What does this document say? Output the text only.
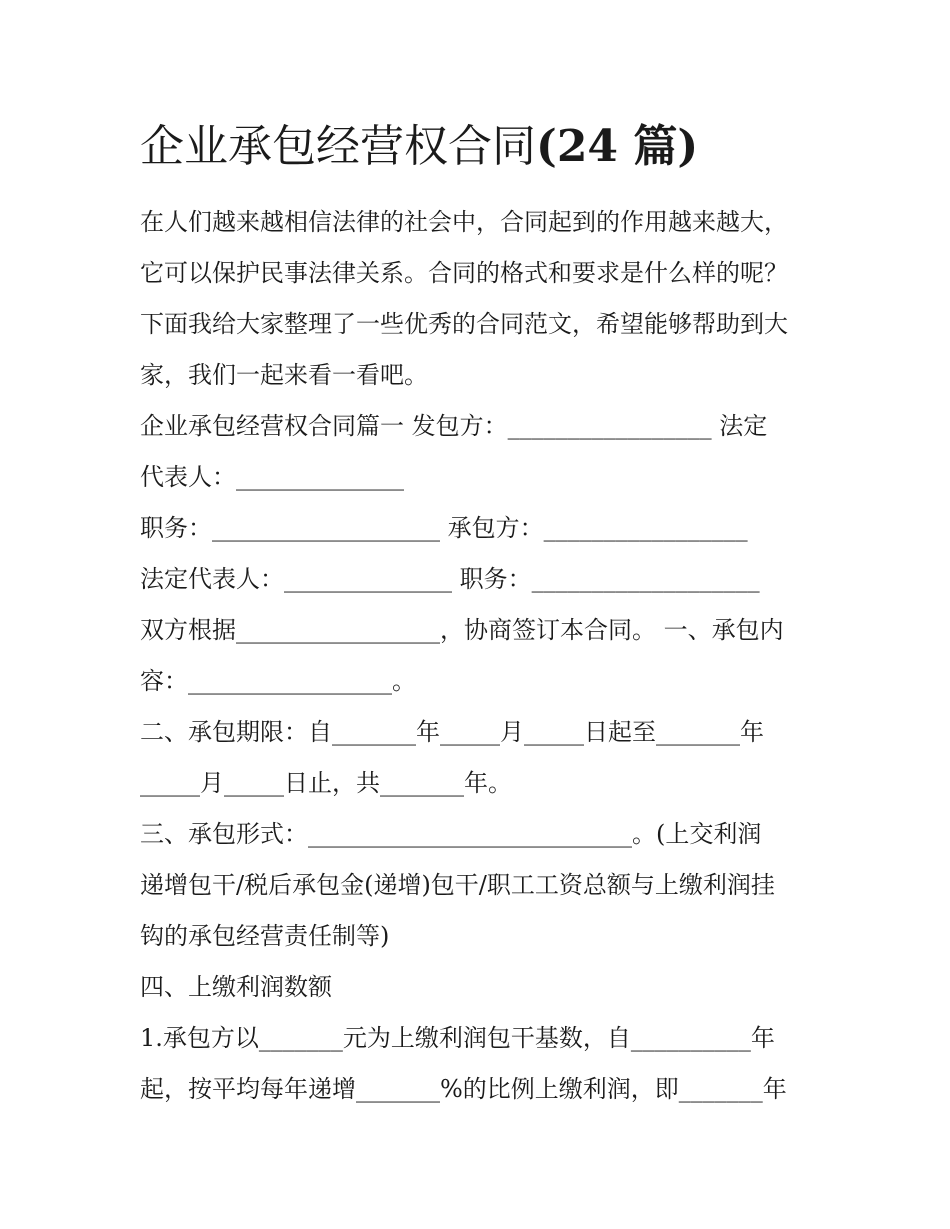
企业承包经营权合同(24 篇)

在人们越来越相信法律的社会中，合同起到的作用越来越大，

它可以保护民事法律关系。合同的格式和要求是什么样的呢？

下面我给大家整理了一些优秀的合同范文，希望能够帮助到大

家，我们一起来看一看吧。

企业承包经营权合同篇一 发包方：_________________ 法定

代表人：______________

职务：___________________ 承包方：_________________

法定代表人：______________ 职务：___________________

双方根据_________________，协商签订本合同。 一、承包内

容：_________________。

二、承包期限：自_______年_____月_____日起至_______年

_____月_____日止，共_______年。

三、承包形式：___________________________。(上交利润

递增包干/税后承包金(递增)包干/职工工资总额与上缴利润挂

钩的承包经营责任制等)

四、上缴利润数额

1.承包方以_______元为上缴利润包干基数，自__________年

起，按平均每年递增_______%的比例上缴利润，即_______年
